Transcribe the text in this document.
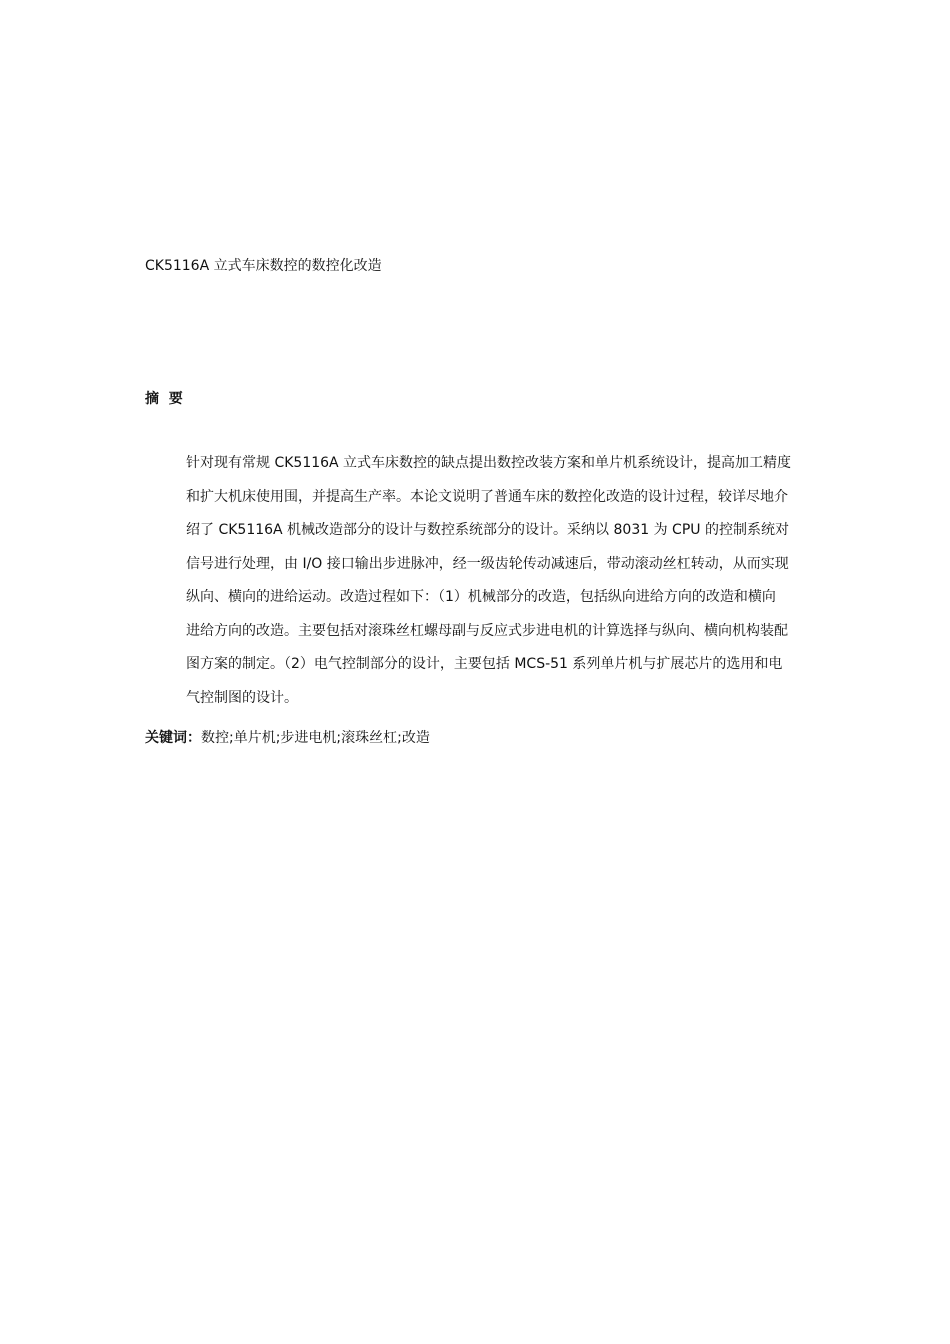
CK5116A 立式车床数控的数控化改造
摘  要
针对现有常规 CK5116A 立式车床数控的缺点提出数控改装方案和单片机系统设计，提高加工精度
和扩大机床使用围，并提高生产率。本论文说明了普通车床的数控化改造的设计过程，较详尽地介
绍了 CK5116A 机械改造部分的设计与数控系统部分的设计。采纳以 8031 为 CPU 的控制系统对
信号进行处理，由 I/O 接口输出步进脉冲，经一级齿轮传动减速后，带动滚动丝杠转动，从而实现
纵向、横向的进给运动。改造过程如下：（1）机械部分的改造，包括纵向进给方向的改造和横向
进给方向的改造。主要包括对滚珠丝杠螺母副与反应式步进电机的计算选择与纵向、横向机构装配
图方案的制定。（2）电气控制部分的设计，主要包括 MCS-51 系列单片机与扩展芯片的选用和电
气控制图的设计。
关键词：数控;单片机;步进电机;滚珠丝杠;改造
